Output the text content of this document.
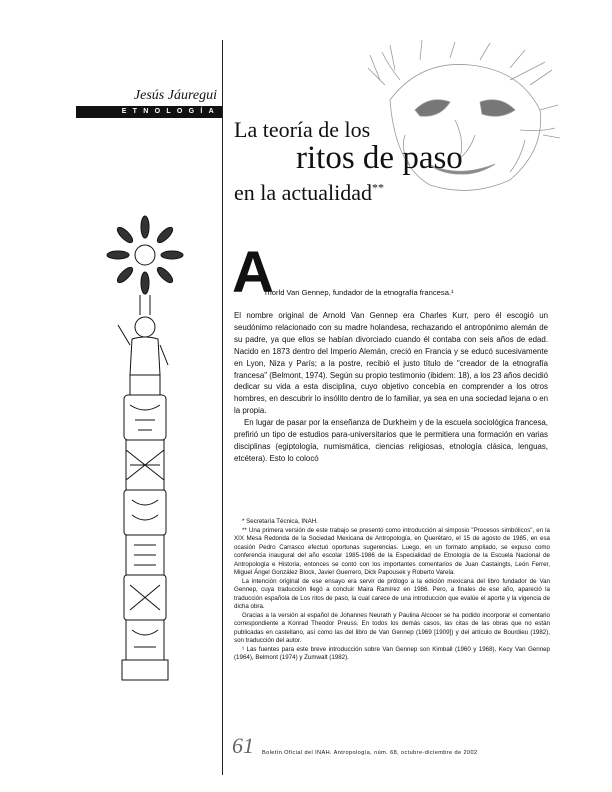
Jesús Jáuregui
ETNOLOGÍA
La teoría de los
ritos de paso
en la actualidad**
A
rnorld Van Gennep, fundador de la etnografía francesa.¹

El nombre original de Arnold Van Gennep era Charles Kurr, pero él escogió un seudónimo relacionado con su madre holandesa, rechazando el antropónimo alemán de su padre, ya que ellos se habían divorciado cuando él contaba con seis años de edad. Nacido en 1873 dentro del Imperio Alemán, creció en Francia y se educó sucesivamente en Lyon, Niza y París; a la postre, recibió el justo título de "creador de la etnografía francesa" (Belmont, 1974). Según su propio testimonio (ibidem: 18), a los 23 años decidió dedicar su vida a esta disciplina, cuyo objetivo concebía en comprender a los otros hombres, en descubrir lo insólito dentro de lo familiar, ya sea en una sociedad lejana o en la propia.

En lugar de pasar por la enseñanza de Durkheim y de la escuela sociológica francesa, prefirió un tipo de estudios para-universitarios que le permitiera una formación en varias disciplinas (egiptología, numismática, ciencias religiosas, etnología clásica, lenguas, etcétera). Esto lo colocó

* Secretaría Técnica, INAH.

** Una primera versión de este trabajo se presentó como introducción al simposio "Procesos simbólicos", en la XIX Mesa Redonda de la Sociedad Mexicana de Antropología, en Querétaro, el 15 de agosto de 1985, en esa ocasión Pedro Carrasco efectuó oportunas sugerencias. Luego, en un formato ampliado, se expuso como conferencia inaugural del año escolar 1985-1986 de la Especialidad de Etnología de la Escuela Nacional de Antropología e Historia, entonces se contó con los importantes comentarios de Juan Castaingts, León Ferrer, Miguel Ángel González Block, Javier Guerrero, Dick Papousek y Roberto Varela.

La intención original de ese ensayo era servir de prólogo a la edición mexicana del libro fundador de Van Gennep, cuya traducción llegó a concluir Maira Ramírez en 1986. Pero, a finales de ese año, apareció la traducción española de Los ritos de paso, la cual carece de una introducción que evalúe el aporte y la vigencia de dicha obra.

Gracias a la versión al español de Johannes Neurath y Paulina Alcocer se ha podido incorporar el comentario correspondiente a Konrad Theodor Preuss. En todos los demás casos, las citas de las obras que no están publicadas en castellano, así como las del libro de Van Gennep (1969 [1909]) y del artículo de Bourdieu (1982), son traducción del autor.

¹ Las fuentes para este breve introducción sobre Van Gennep son Kimball (1960 y 1968), Kecy Van Gennep (1964), Belmont (1974) y Zumwalt (1982).

61 Boletín Oficial del INAH. Antropología, núm. 68, octubre-diciembre de 2002
